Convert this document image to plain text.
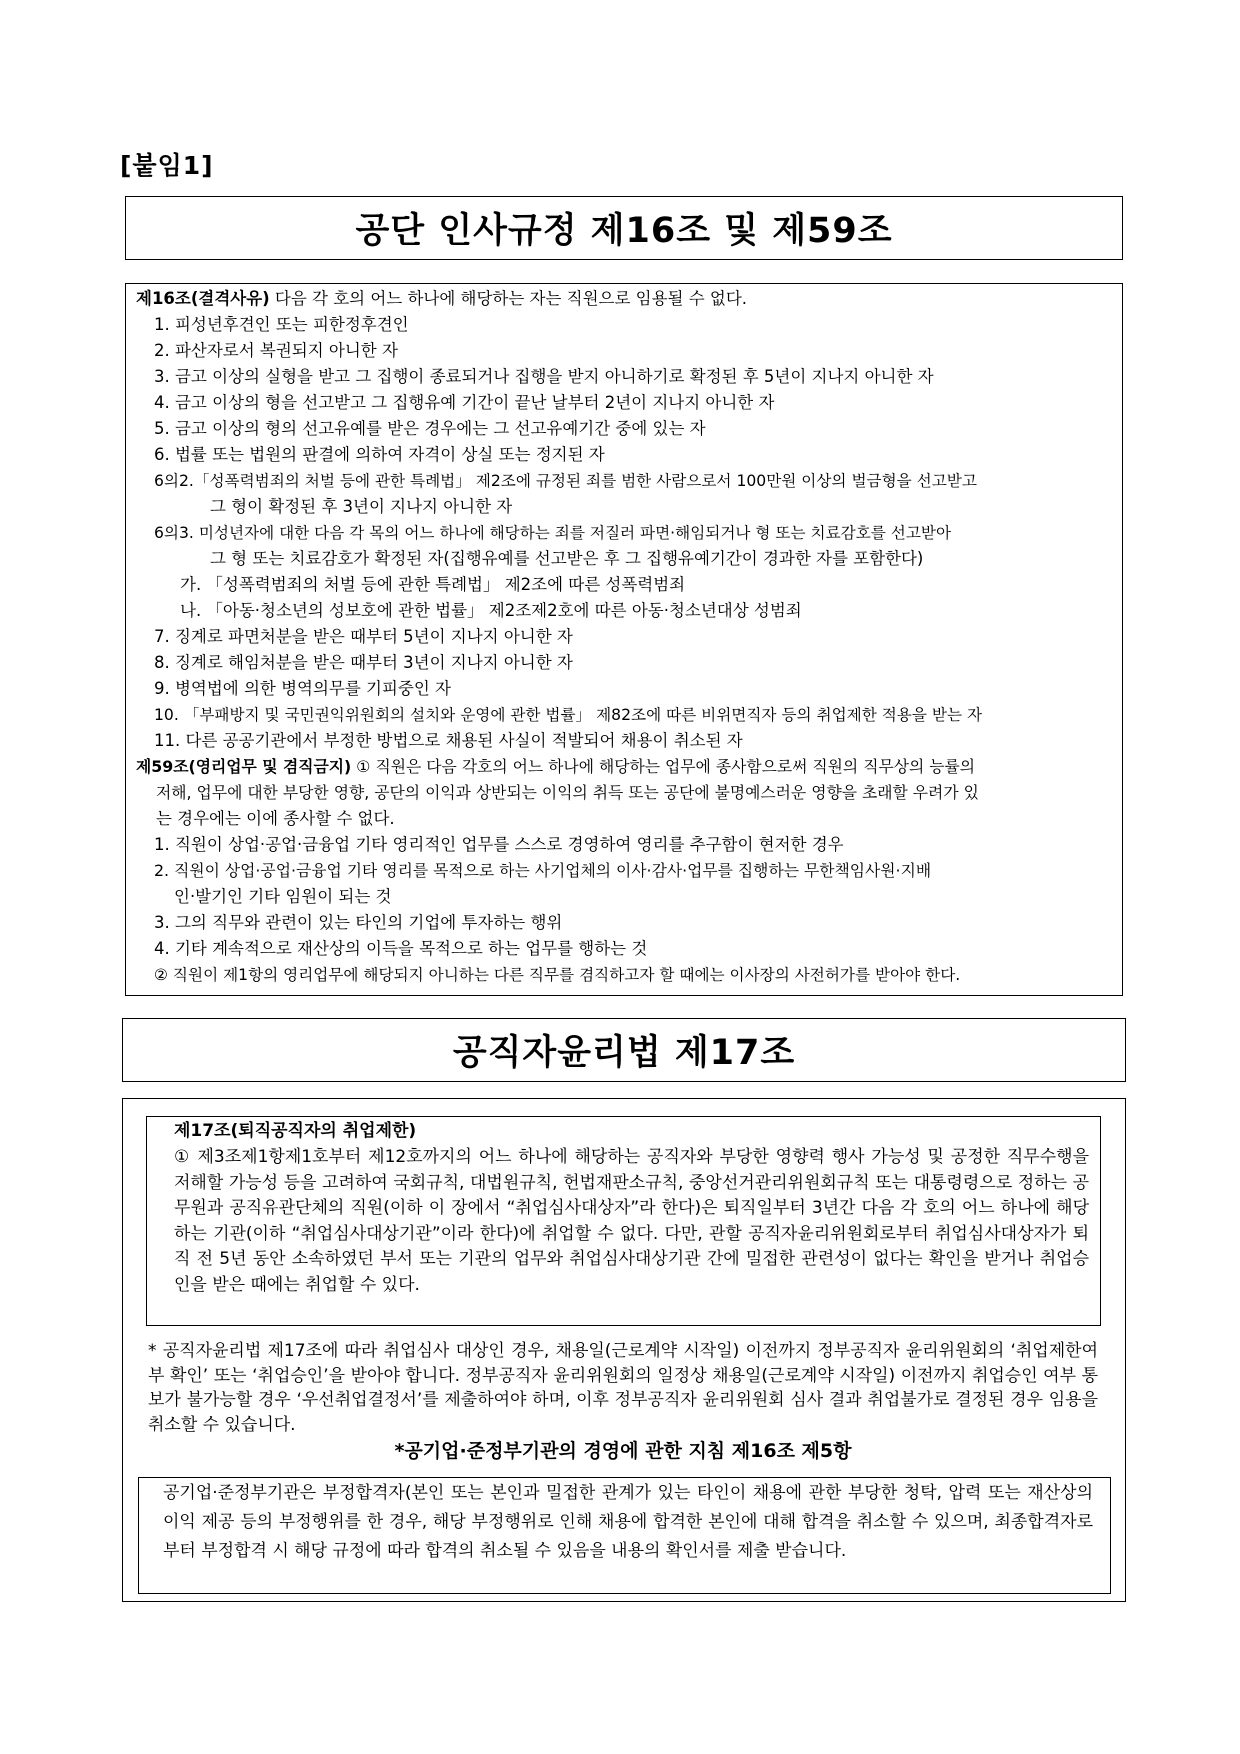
[붙임1]
공단 인사규정 제16조 및 제59조
제16조(결격사유) 다음 각 호의 어느 하나에 해당하는 자는 직원으로 임용될 수 없다.
1. 피성년후견인 또는 피한정후견인
2. 파산자로서 복권되지 아니한 자
3. 금고 이상의 실형을 받고 그 집행이 종료되거나 집행을 받지 아니하기로 확정된 후 5년이 지나지 아니한 자
4. 금고 이상의 형을 선고받고 그 집행유예 기간이 끝난 날부터 2년이 지나지 아니한 자
5. 금고 이상의 형의 선고유예를 받은 경우에는 그 선고유예기간 중에 있는 자
6. 법률 또는 법원의 판결에 의하여 자격이 상실 또는 정지된 자
6의2.「성폭력범죄의 처벌 등에 관한 특례법」 제2조에 규정된 죄를 범한 사람으로서 100만원 이상의 벌금형을 선고받고
그 형이 확정된 후 3년이 지나지 아니한 자
6의3. 미성년자에 대한 다음 각 목의 어느 하나에 해당하는 죄를 저질러 파면·해임되거나 형 또는 치료감호를 선고받아
그 형 또는 치료감호가 확정된 자(집행유예를 선고받은 후 그 집행유예기간이 경과한 자를 포함한다)
가. 「성폭력범죄의 처벌 등에 관한 특례법」 제2조에 따른 성폭력범죄
나. 「아동·청소년의 성보호에 관한 법률」 제2조제2호에 따른 아동·청소년대상 성범죄
7. 징계로 파면처분을 받은 때부터 5년이 지나지 아니한 자
8. 징계로 해임처분을 받은 때부터 3년이 지나지 아니한 자
9. 병역법에 의한 병역의무를 기피중인 자
10. 「부패방지 및 국민권익위원회의 설치와 운영에 관한 법률」 제82조에 따른 비위면직자 등의 취업제한 적용을 받는 자
11. 다른 공공기관에서 부정한 방법으로 채용된 사실이 적발되어 채용이 취소된 자
제59조(영리업무 및 겸직금지) ① 직원은 다음 각호의 어느 하나에 해당하는 업무에 종사함으로써 직원의 직무상의 능률의
저해, 업무에 대한 부당한 영향, 공단의 이익과 상반되는 이익의 취득 또는 공단에 불명예스러운 영향을 초래할 우려가 있
는 경우에는 이에 종사할 수 없다.
1. 직원이 상업·공업·금융업 기타 영리적인 업무를 스스로 경영하여 영리를 추구함이 현저한 경우
2. 직원이 상업·공업·금융업 기타 영리를 목적으로 하는 사기업체의 이사·감사·업무를 집행하는 무한책임사원·지배
인·발기인 기타 임원이 되는 것
3. 그의 직무와 관련이 있는 타인의 기업에 투자하는 행위
4. 기타 계속적으로 재산상의 이득을 목적으로 하는 업무를 행하는 것
② 직원이 제1항의 영리업무에 해당되지 아니하는 다른 직무를 겸직하고자 할 때에는 이사장의 사전허가를 받아야 한다.
공직자윤리법 제17조
제17조(퇴직공직자의 취업제한)
① 제3조제1항제1호부터 제12호까지의 어느 하나에 해당하는 공직자와 부당한 영향력 행사 가능성 및 공정한 직무수행을 저해할 가능성 등을 고려하여 국회규칙, 대법원규칙, 헌법재판소규칙, 중앙선거관리위원회규칙 또는 대통령령으로 정하는 공무원과 공직유관단체의 직원(이하 이 장에서 “취업심사대상자”라 한다)은 퇴직일부터 3년간 다음 각 호의 어느 하나에 해당하는 기관(이하 “취업심사대상기관”이라 한다)에 취업할 수 없다. 다만, 관할 공직자윤리위원회로부터 취업심사대상자가 퇴직 전 5년 동안 소속하였던 부서 또는 기관의 업무와 취업심사대상기관 간에 밀접한 관련성이 없다는 확인을 받거나 취업승인을 받은 때에는 취업할 수 있다.
* 공직자윤리법 제17조에 따라 취업심사 대상인 경우, 채용일(근로계약 시작일) 이전까지 정부공직자 윤리위원회의 ‘취업제한여부 확인’ 또는 ‘취업승인’을 받아야 합니다. 정부공직자 윤리위원회의 일정상 채용일(근로계약 시작일) 이전까지 취업승인 여부 통보가 불가능할 경우 ‘우선취업결정서’를 제출하여야 하며, 이후 정부공직자 윤리위원회 심사 결과 취업불가로 결정된 경우 임용을 취소할 수 있습니다.
공기업·준정부기관은 부정합격자(본인 또는 본인과 밀접한 관계가 있는 타인이 채용에 관한 부당한 청탁, 압력 또는 재산상의 이익 제공 등의 부정행위를 한 경우, 해당 부정행위로 인해 채용에 합격한 본인에 대해 합격을 취소할 수 있으며, 최종합격자로부터 부정합격 시 해당 규정에 따라 합격의 취소될 수 있음을 내용의 확인서를 제출 받습니다.
*공기업·준정부기관의 경영에 관한 지침 제16조 제5항
